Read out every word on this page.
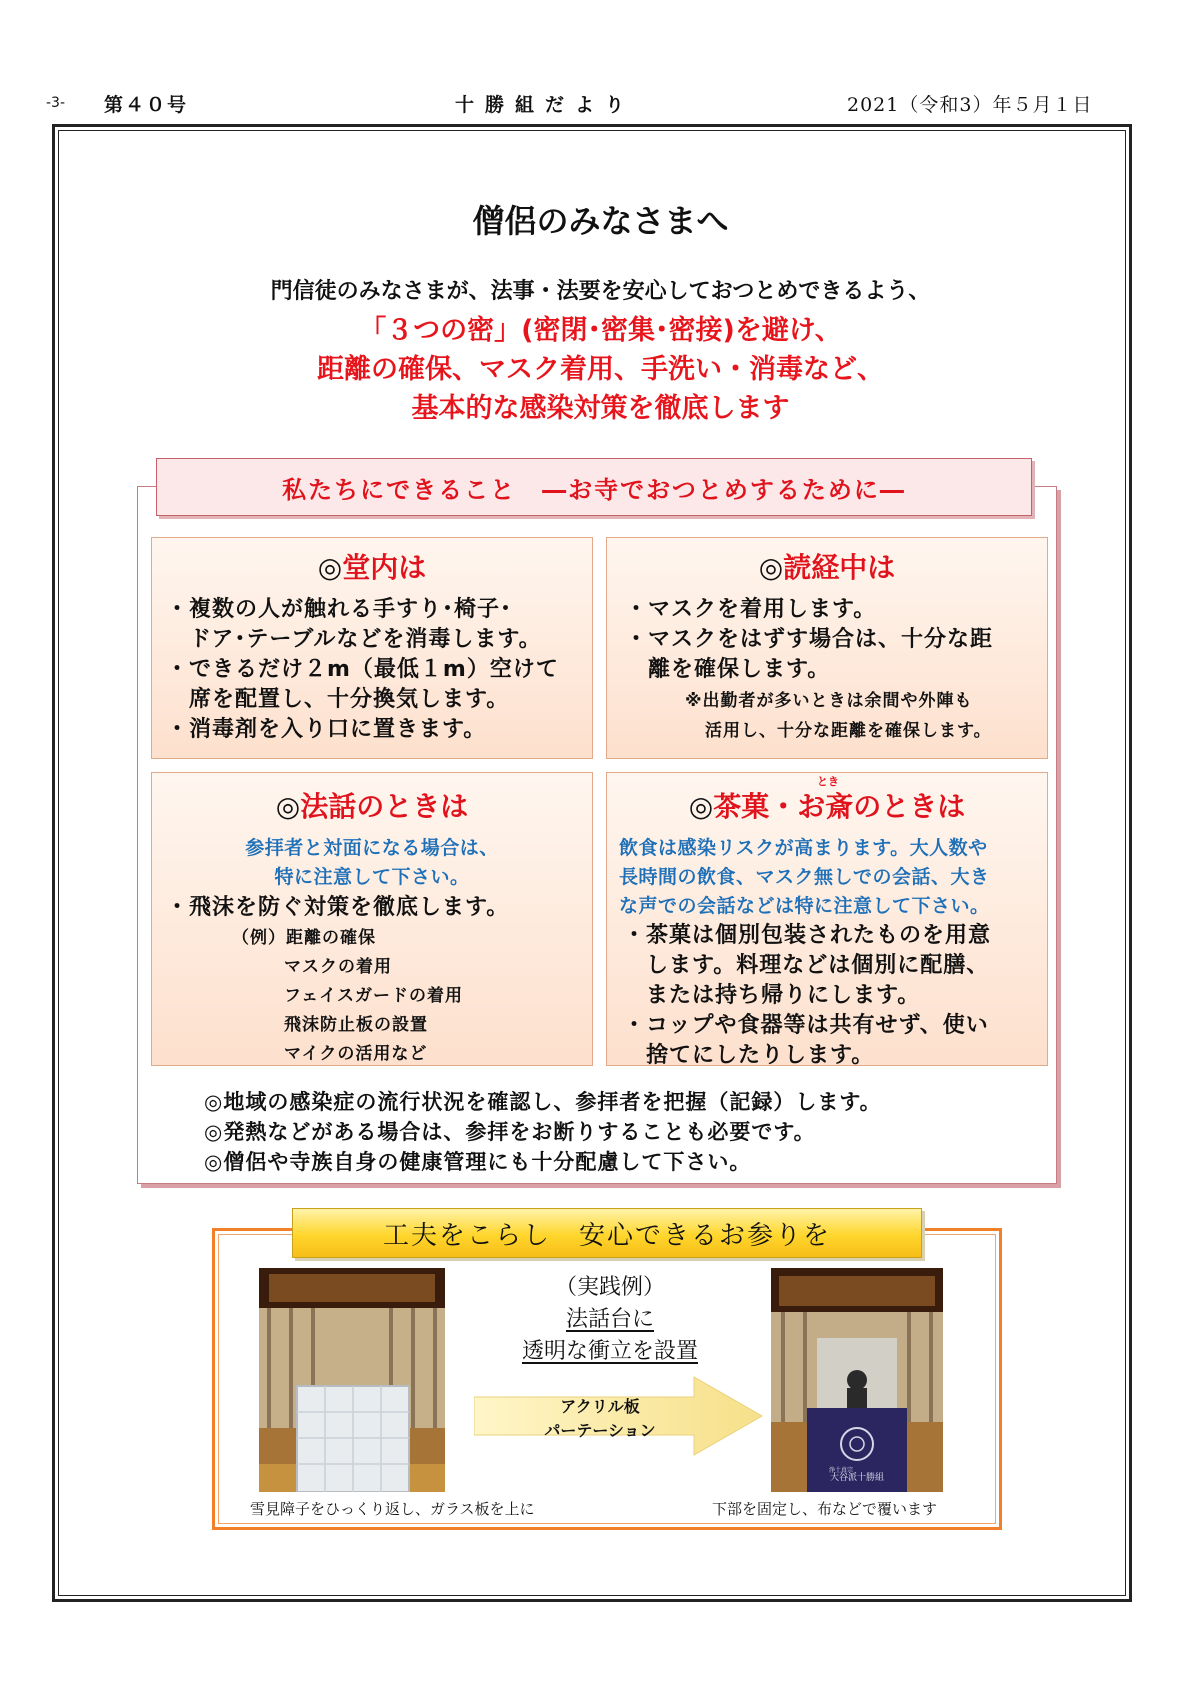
-3- 第４０号	十勝組だより	2021（令和3）年５月１日
僧侶のみなさまへ
門信徒のみなさまが、法事・法要を安心しておつとめできるよう、
「３つの密」(密閉･密集･密接)を避け、
距離の確保、マスク着用、手洗い・消毒など、
基本的な感染対策を徹底します
私たちにできること　―お寺でおつとめするために―
◎堂内は
・複数の人が触れる手すり･椅子･
　ドア･テーブルなどを消毒します。
・できるだけ２m（最低１m）空けて
　席を配置し、十分換気します。
・消毒剤を入り口に置きます。
◎読経中は
・マスクを着用します。
・マスクをはずす場合は、十分な距
　離を確保します。
※出勤者が多いときは余間や外陣も
活用し、十分な距離を確保します。
◎法話のときは
参拝者と対面になる場合は、
特に注意して下さい。
・飛沫を防ぐ対策を徹底します。
（例）距離の確保
マスクの着用
フェイスガードの着用
飛沫防止板の設置
マイクの活用など
とき
◎茶菓・お斎のときは
飲食は感染リスクが高まります。大人数や
長時間の飲食、マスク無しでの会話、大き
な声での会話などは特に注意して下さい。
・茶菓は個別包装されたものを用意
　します。料理などは個別に配膳、
　または持ち帰りにします。
・コップや食器等は共有せず、使い
　捨てにしたりします。
◎地域の感染症の流行状況を確認し、参拝者を把握（記録）します。
◎発熱などがある場合は、参拝をお断りすることも必要です。
◎僧侶や寺族自身の健康管理にも十分配慮して下さい。
工夫をこらし　安心できるお参りを
大谷派十勝組
浄土真宗
（実践例）
法話台に
透明な衝立を設置
アクリル板
パーテーション
雪見障子をひっくり返し、ガラス板を上に	下部を固定し、布などで覆います
